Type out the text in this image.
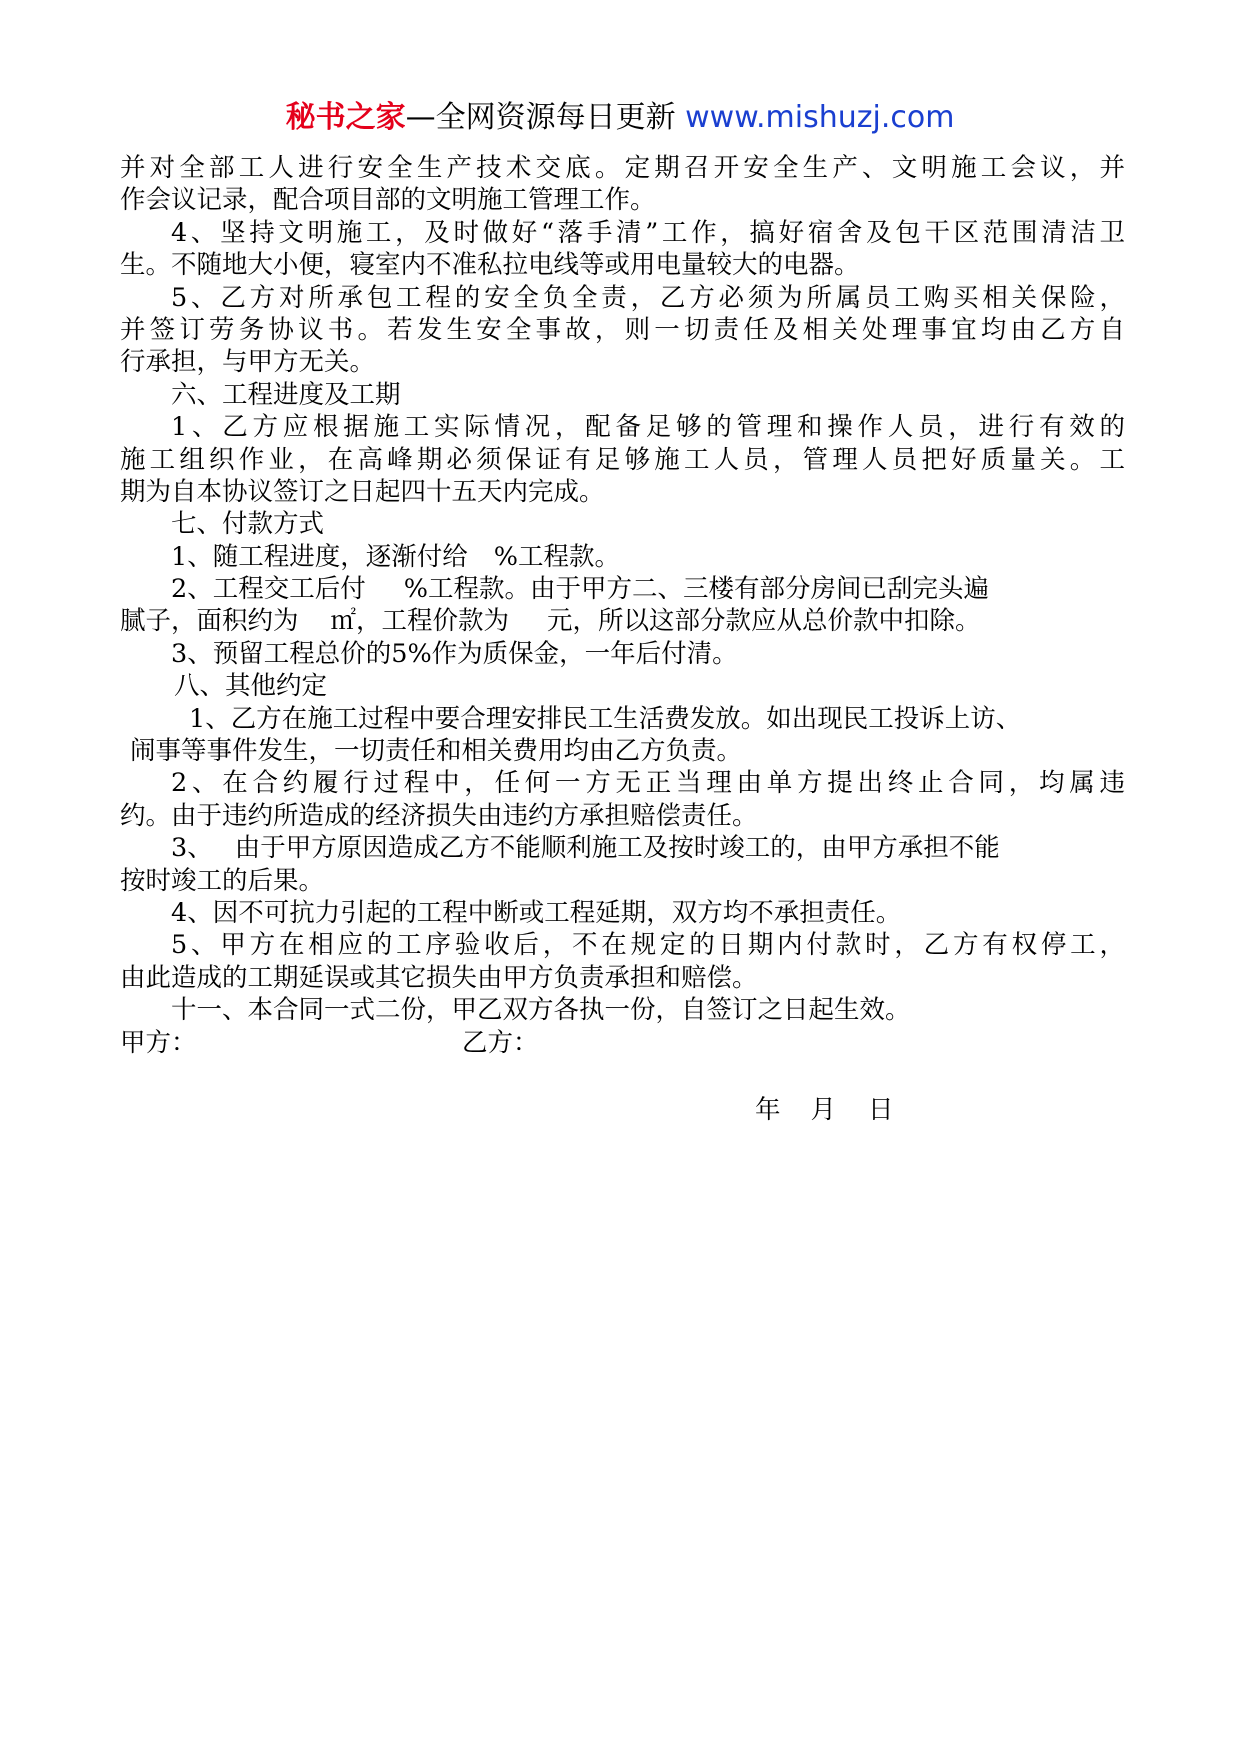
秘书之家—全网资源每日更新 www.mishuzj.com
并对全部工人进行安全生产技术交底。定期召开安全生产、文明施工会议，并
作会议记录，配合项目部的文明施工管理工作。
4、坚持文明施工，及时做好“落手清”工作，搞好宿舍及包干区范围清洁卫
生。不随地大小便，寝室内不准私拉电线等或用电量较大的电器。
5、乙方对所承包工程的安全负全责，乙方必须为所属员工购买相关保险，
并签订劳务协议书。若发生安全事故，则一切责任及相关处理事宜均由乙方自
行承担，与甲方无关。
六、工程进度及工期
1、乙方应根据施工实际情况，配备足够的管理和操作人员，进行有效的
施工组织作业，在高峰期必须保证有足够施工人员，管理人员把好质量关。工
期为自本协议签订之日起四十五天内完成。
七、付款方式
1、随工程进度，逐渐付给 %工程款。
2、工程交工后付 %工程款。由于甲方二、三楼有部分房间已刮完头遍
腻子，面积约为 ㎡，工程价款为 元，所以这部分款应从总价款中扣除。
3、预留工程总价的5%作为质保金，一年后付清。
八、其他约定
1、乙方在施工过程中要合理安排民工生活费发放。如出现民工投诉上访、
闹事等事件发生，一切责任和相关费用均由乙方负责。
2、在合约履行过程中，任何一方无正当理由单方提出终止合同，均属违
约。由于违约所造成的经济损失由违约方承担赔偿责任。
3、 由于甲方原因造成乙方不能顺利施工及按时竣工的，由甲方承担不能
按时竣工的后果。
4、因不可抗力引起的工程中断或工程延期，双方均不承担责任。
5、甲方在相应的工序验收后，不在规定的日期内付款时，乙方有权停工，
由此造成的工期延误或其它损失由甲方负责承担和赔偿。
十一、本合同一式二份，甲乙双方各执一份，自签订之日起生效。
甲方：	乙方：
年 月 日
